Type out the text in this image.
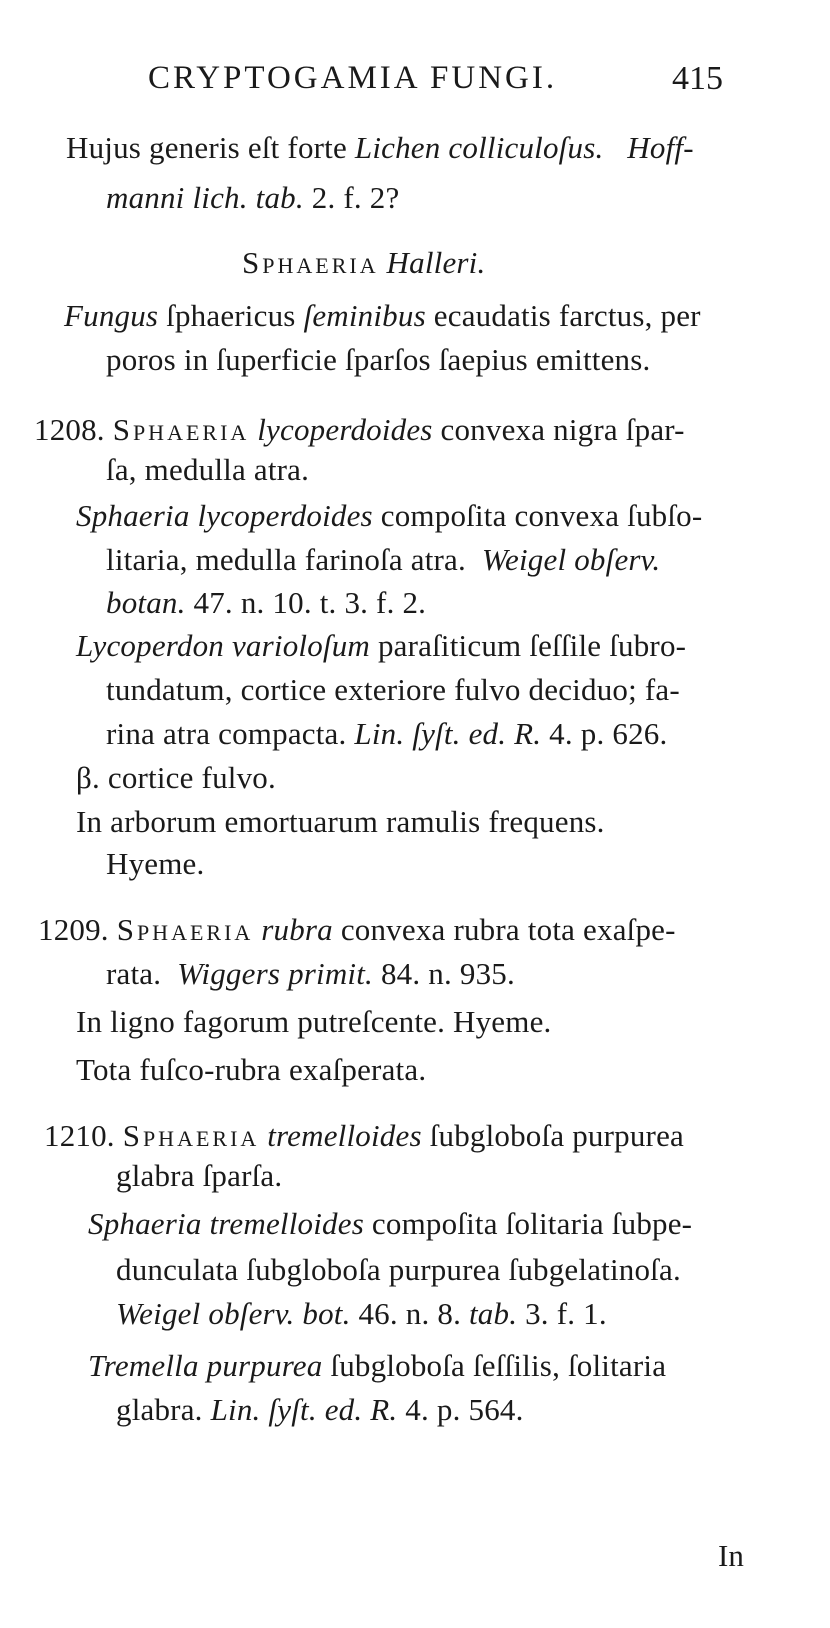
CRYPTOGAMIA FUNGI.	415
Hujus generis eſt forte Lichen colliculoſus. Hoff-
manni lich. tab. 2. f. 2?
Sphaeria Halleri.
Fungus ſphaericus ſeminibus ecaudatis farctus, per
poros in ſuperficie ſparſos ſaepius emittens.
1208. Sphaeria lycoperdoides convexa nigra ſpar-
ſa, medulla atra.
Sphaeria lycoperdoides compoſita convexa ſubſo-
litaria, medulla farinoſa atra.  Weigel obſerv.
botan. 47. n. 10. t. 3. f. 2.
Lycoperdon varioloſum paraſiticum ſeſſile ſubro-
tundatum, cortice exteriore fulvo deciduo; fa-
rina atra compacta. Lin. ſyſt. ed. R. 4. p. 626.
β. cortice fulvo.
In arborum emortuarum ramulis frequens.
Hyeme.
1209. Sphaeria rubra convexa rubra tota exaſpe-
rata.  Wiggers primit. 84. n. 935.
In ligno fagorum putreſcente. Hyeme.
Tota fuſco-rubra exaſperata.
1210. Sphaeria tremelloides ſubgloboſa purpurea
glabra ſparſa.
Sphaeria tremelloides compoſita ſolitaria ſubpe-
dunculata ſubgloboſa purpurea ſubgelatinoſa.
Weigel obſerv. bot. 46. n. 8. tab. 3. f. 1.
Tremella purpurea ſubgloboſa ſeſſilis, ſolitaria
glabra. Lin. ſyſt. ed. R. 4. p. 564.
In
